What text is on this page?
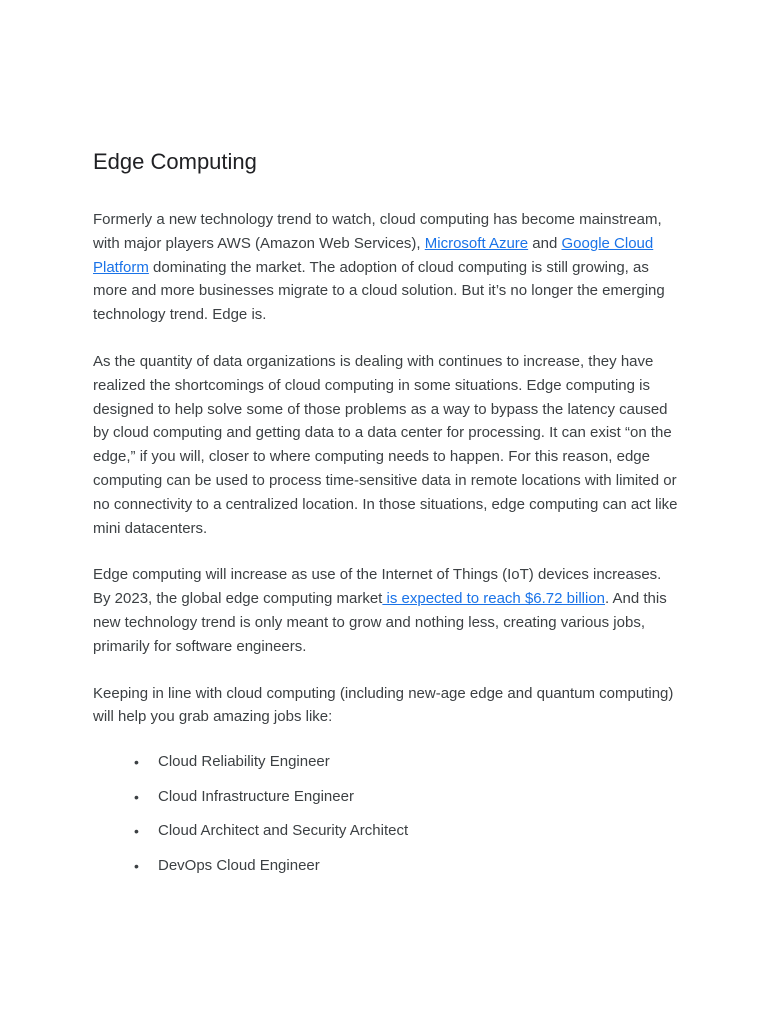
Edge Computing

Formerly a new technology trend to watch, cloud computing has become mainstream, with major players AWS (Amazon Web Services), Microsoft Azure and Google Cloud Platform dominating the market. The adoption of cloud computing is still growing, as more and more businesses migrate to a cloud solution. But it’s no longer the emerging technology trend. Edge is.

As the quantity of data organizations is dealing with continues to increase, they have realized the shortcomings of cloud computing in some situations. Edge computing is designed to help solve some of those problems as a way to bypass the latency caused by cloud computing and getting data to a data center for processing. It can exist “on the edge,” if you will, closer to where computing needs to happen. For this reason, edge computing can be used to process time-sensitive data in remote locations with limited or no connectivity to a centralized location. In those situations, edge computing can act like mini datacenters.

Edge computing will increase as use of the Internet of Things (IoT) devices increases. By 2023, the global edge computing market is expected to reach $6.72 billion. And this new technology trend is only meant to grow and nothing less, creating various jobs, primarily for software engineers.

Keeping in line with cloud computing (including new-age edge and quantum computing) will help you grab amazing jobs like:

• Cloud Reliability Engineer
• Cloud Infrastructure Engineer
• Cloud Architect and Security Architect
• DevOps Cloud Engineer
